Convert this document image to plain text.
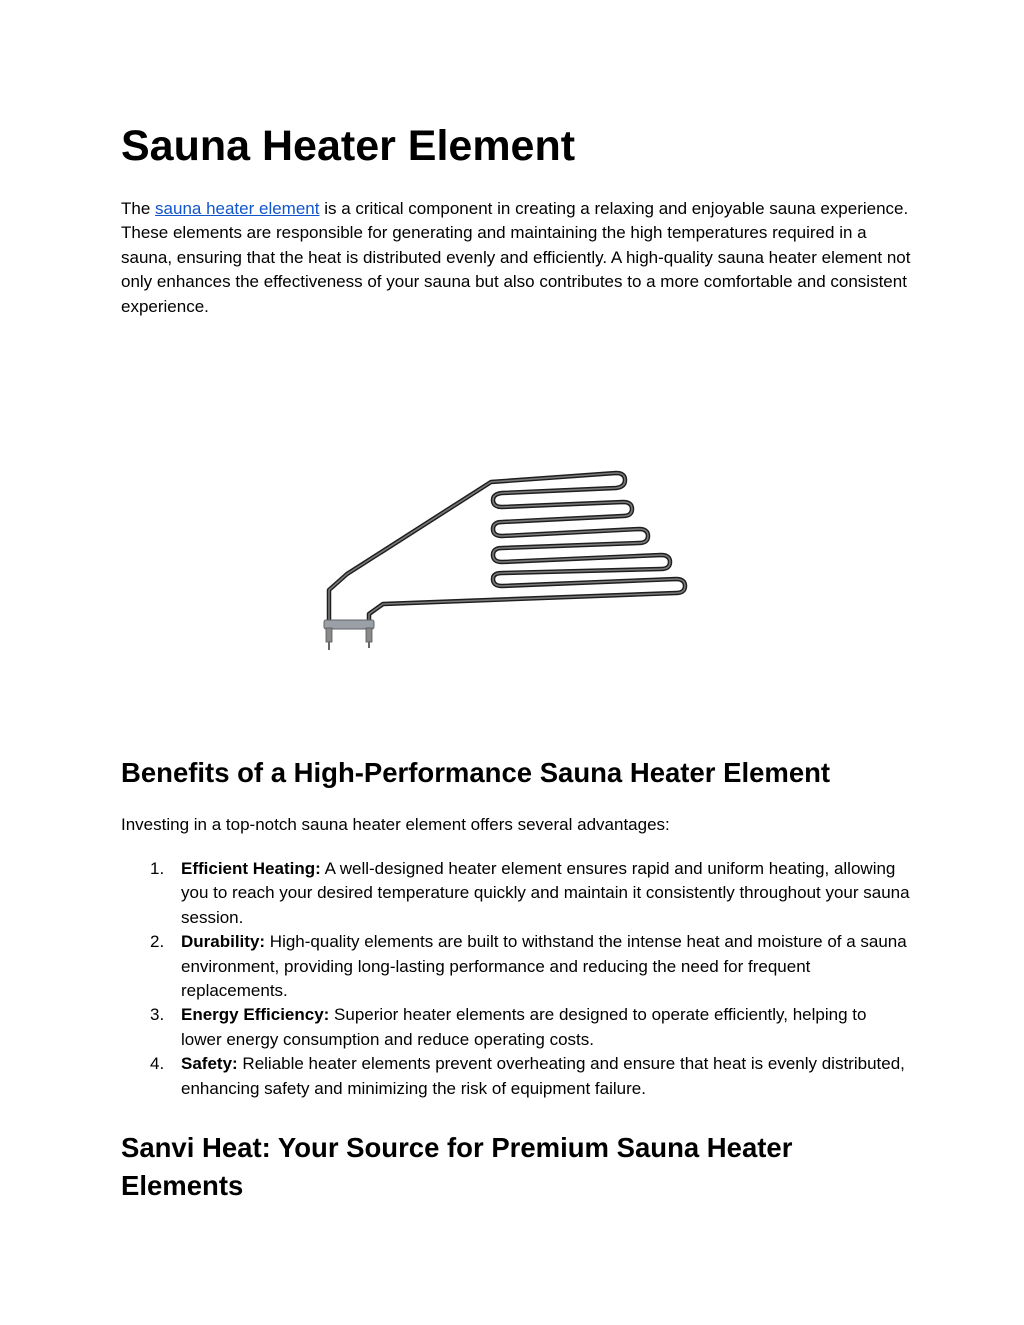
Sauna Heater Element

The sauna heater element is a critical component in creating a relaxing and enjoyable sauna experience. These elements are responsible for generating and maintaining the high temperatures required in a sauna, ensuring that the heat is distributed evenly and efficiently. A high-quality sauna heater element not only enhances the effectiveness of your sauna but also contributes to a more comfortable and consistent experience.

Benefits of a High-Performance Sauna Heater Element

Investing in a top-notch sauna heater element offers several advantages:

1. Efficient Heating: A well-designed heater element ensures rapid and uniform heating, allowing you to reach your desired temperature quickly and maintain it consistently throughout your sauna session.
2. Durability: High-quality elements are built to withstand the intense heat and moisture of a sauna environment, providing long-lasting performance and reducing the need for frequent replacements.
3. Energy Efficiency: Superior heater elements are designed to operate efficiently, helping to lower energy consumption and reduce operating costs.
4. Safety: Reliable heater elements prevent overheating and ensure that heat is evenly distributed, enhancing safety and minimizing the risk of equipment failure.
Sanvi Heat: Your Source for Premium Sauna Heater Elements
